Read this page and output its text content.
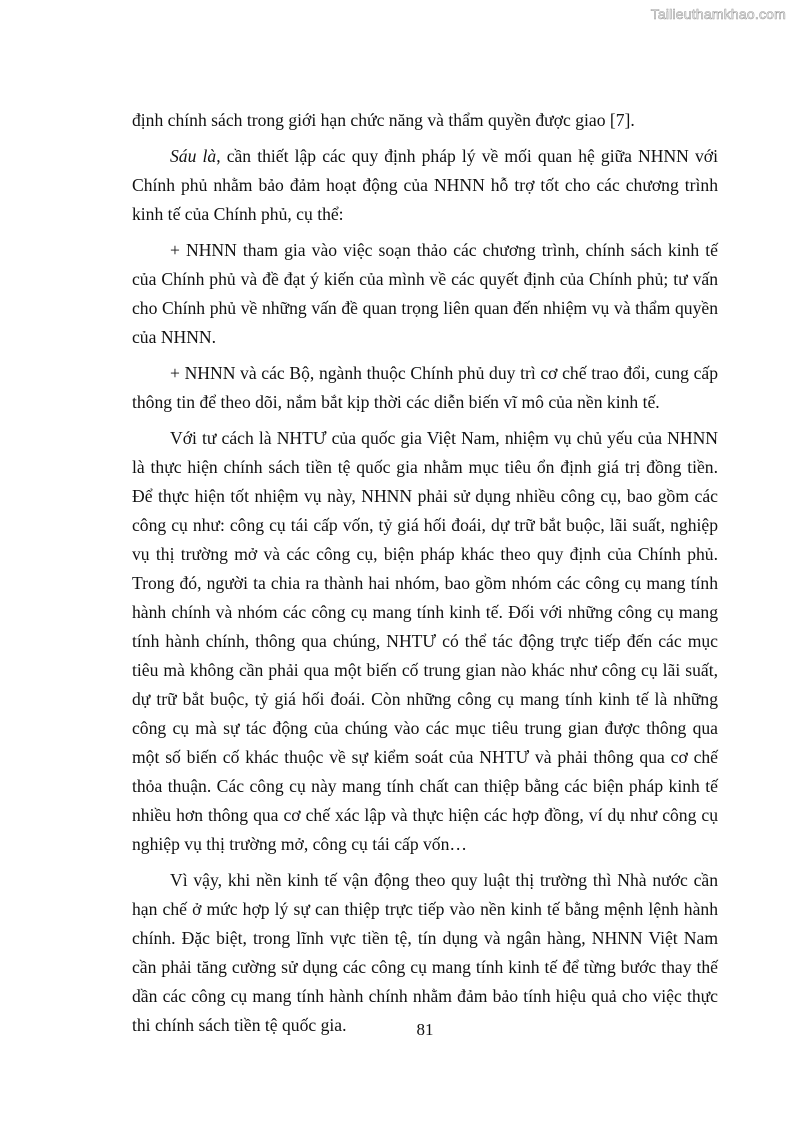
Tailieuthamkhao.com

định chính sách trong giới hạn chức năng và thẩm quyền được giao [7].

Sáu là, cần thiết lập các quy định pháp lý về mối quan hệ giữa NHNN với Chính phủ nhằm bảo đảm hoạt động của NHNN hỗ trợ tốt cho các chương trình kinh tế của Chính phủ, cụ thể:

+ NHNN tham gia vào việc soạn thảo các chương trình, chính sách kinh tế của Chính phủ và đề đạt ý kiến của mình về các quyết định của Chính phủ; tư vấn cho Chính phủ về những vấn đề quan trọng liên quan đến nhiệm vụ và thẩm quyền của NHNN.

+ NHNN và các Bộ, ngành thuộc Chính phủ duy trì cơ chế trao đổi, cung cấp thông tin để theo dõi, nắm bắt kịp thời các diễn biến vĩ mô của nền kinh tế.

Với tư cách là NHTƯ của quốc gia Việt Nam, nhiệm vụ chủ yếu của NHNN là thực hiện chính sách tiền tệ quốc gia nhằm mục tiêu ổn định giá trị đồng tiền. Để thực hiện tốt nhiệm vụ này, NHNN phải sử dụng nhiều công cụ, bao gồm các công cụ như: công cụ tái cấp vốn, tỷ giá hối đoái, dự trữ bắt buộc, lãi suất, nghiệp vụ thị trường mở và các công cụ, biện pháp khác theo quy định của Chính phủ. Trong đó, người ta chia ra thành hai nhóm, bao gồm nhóm các công cụ mang tính hành chính và nhóm các công cụ mang tính kinh tế. Đối với những công cụ mang tính hành chính, thông qua chúng, NHTƯ có thể tác động trực tiếp đến các mục tiêu mà không cần phải qua một biến cố trung gian nào khác như công cụ lãi suất, dự trữ bắt buộc, tỷ giá hối đoái. Còn những công cụ mang tính kinh tế là những công cụ mà sự tác động của chúng vào các mục tiêu trung gian được thông qua một số biến cố khác thuộc về sự kiểm soát của NHTƯ và phải thông qua cơ chế thỏa thuận. Các công cụ này mang tính chất can thiệp bằng các biện pháp kinh tế nhiều hơn thông qua cơ chế xác lập và thực hiện các hợp đồng, ví dụ như công cụ nghiệp vụ thị trường mở, công cụ tái cấp vốn…

Vì vậy, khi nền kinh tế vận động theo quy luật thị trường thì Nhà nước cần hạn chế ở mức hợp lý sự can thiệp trực tiếp vào nền kinh tế bằng mệnh lệnh hành chính. Đặc biệt, trong lĩnh vực tiền tệ, tín dụng và ngân hàng, NHNN Việt Nam cần phải tăng cường sử dụng các công cụ mang tính kinh tế để từng bước thay thế dần các công cụ mang tính hành chính nhằm đảm bảo tính hiệu quả cho việc thực thi chính sách tiền tệ quốc gia.	81
